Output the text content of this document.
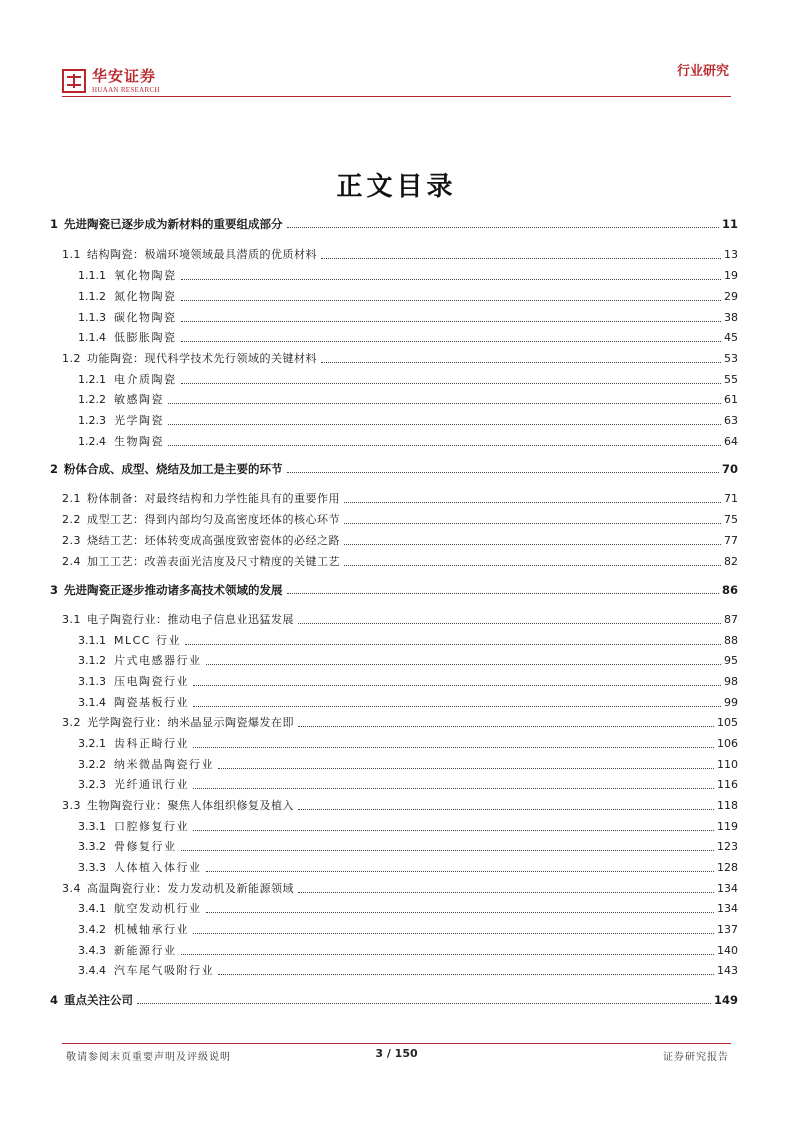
华安证券
HUAAN RESEARCH
行业研究
正文目录
1 先进陶瓷已逐步成为新材料的重要组成部分	11
1.1 结构陶瓷：极端环境领域最具潜质的优质材料	13
1.1.1 氧化物陶瓷	19
1.1.2 氮化物陶瓷	29
1.1.3 碳化物陶瓷	38
1.1.4 低膨胀陶瓷	45
1.2 功能陶瓷：现代科学技术先行领域的关键材料	53
1.2.1 电介质陶瓷	55
1.2.2 敏感陶瓷	61
1.2.3 光学陶瓷	63
1.2.4 生物陶瓷	64
2 粉体合成、成型、烧结及加工是主要的环节	70
2.1 粉体制备：对最终结构和力学性能具有的重要作用	71
2.2 成型工艺：得到内部均匀及高密度坯体的核心环节	75
2.3 烧结工艺：坯体转变成高强度致密瓷体的必经之路	77
2.4 加工工艺：改善表面光洁度及尺寸精度的关键工艺	82
3 先进陶瓷正逐步推动诸多高技术领域的发展	86
3.1 电子陶瓷行业：推动电子信息业迅猛发展	87
3.1.1 MLCC 行业	88
3.1.2 片式电感器行业	95
3.1.3 压电陶瓷行业	98
3.1.4 陶瓷基板行业	99
3.2 光学陶瓷行业：纳米晶显示陶瓷爆发在即	105
3.2.1 齿科正畸行业	106
3.2.2 纳米微晶陶瓷行业	110
3.2.3 光纤通讯行业	116
3.3 生物陶瓷行业：聚焦人体组织修复及植入	118
3.3.1 口腔修复行业	119
3.3.2 骨修复行业	123
3.3.3 人体植入体行业	128
3.4 高温陶瓷行业：发力发动机及新能源领域	134
3.4.1 航空发动机行业	134
3.4.2 机械轴承行业	137
3.4.3 新能源行业	140
3.4.4 汽车尾气吸附行业	143
4 重点关注公司	149
敬请参阅末页重要声明及评级说明	3 / 150	证券研究报告
